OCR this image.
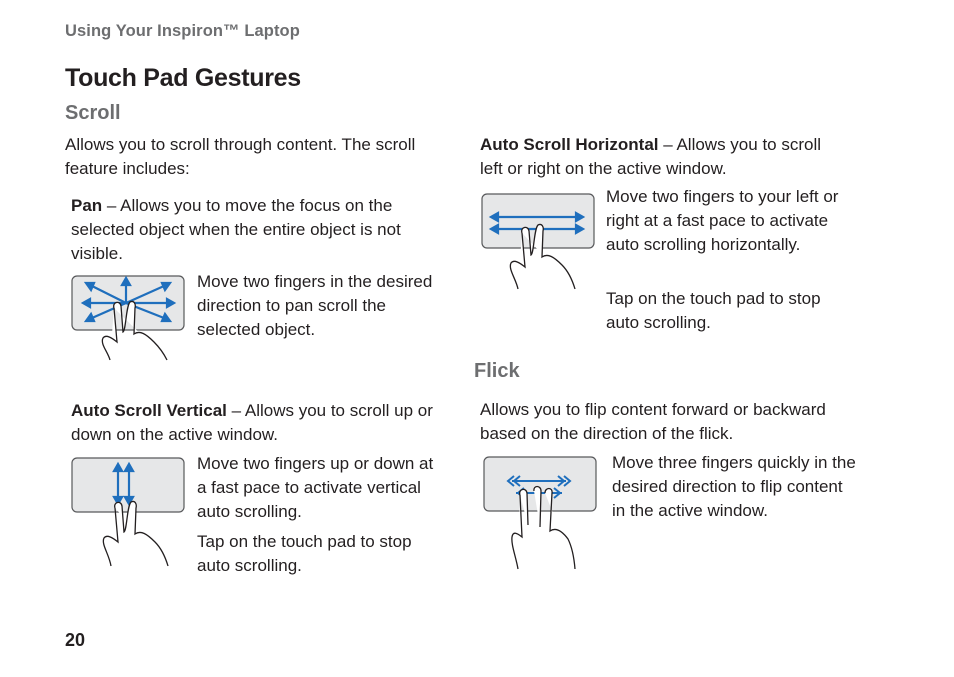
Using Your Inspiron™ Laptop
Touch Pad Gestures
Scroll
Allows you to scroll through content. The scroll feature includes:
Pan – Allows you to move the focus on the selected object when the entire object is not visible.
Move two fingers in the desired direction to pan scroll the selected object.
Auto Scroll Vertical – Allows you to scroll up or down on the active window.
Move two fingers up or down at a fast pace to activate vertical auto scrolling.
Tap on the touch pad to stop auto scrolling.
Auto Scroll Horizontal – Allows you to scroll left or right on the active window.
Move two fingers to your left or right at a fast pace to activate auto scrolling horizontally.
Tap on the touch pad to stop auto scrolling.
Flick
Allows you to flip content forward or backward based on the direction of the flick.
Move three fingers quickly in the desired direction to flip content in the active window.
20
